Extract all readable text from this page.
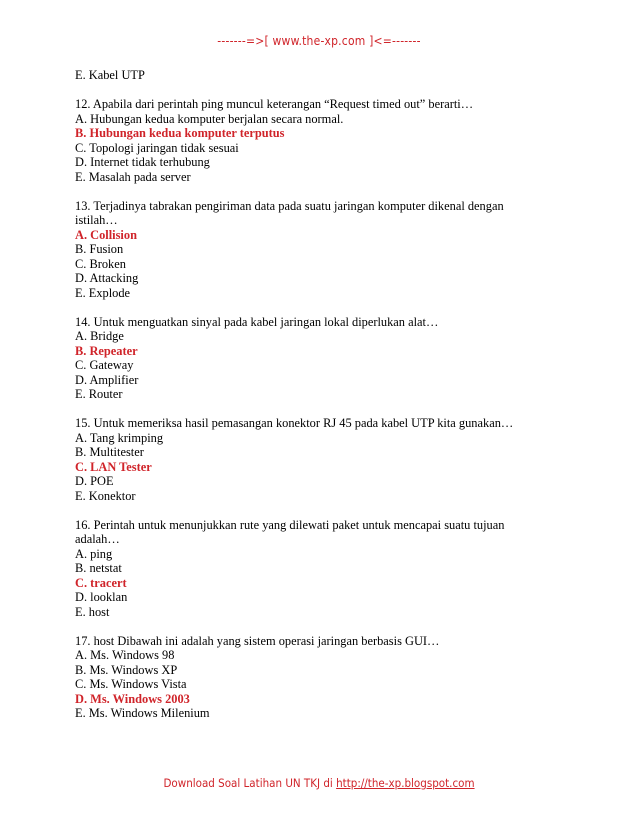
-------=>[ www.the-xp.com ]<=-------
E. Kabel UTP
12. Apabila dari perintah ping muncul keterangan “Request timed out” berarti…
A. Hubungan kedua komputer berjalan secara normal.
B. Hubungan kedua komputer terputus
C. Topologi jaringan tidak sesuai
D. Internet tidak terhubung
E. Masalah pada server
13. Terjadinya tabrakan pengiriman data pada suatu jaringan komputer dikenal dengan
istilah…
A. Collision
B. Fusion
C. Broken
D. Attacking
E. Explode
14. Untuk menguatkan sinyal pada kabel jaringan lokal diperlukan alat…
A. Bridge
B. Repeater
C. Gateway
D. Amplifier
E. Router
15. Untuk memeriksa hasil pemasangan konektor RJ 45 pada kabel UTP kita gunakan…
A. Tang krimping
B. Multitester
C. LAN Tester
D. POE
E. Konektor
16. Perintah untuk menunjukkan rute yang dilewati paket untuk mencapai suatu tujuan
adalah…
A. ping
B. netstat
C. tracert
D. looklan
E. host
17. host Dibawah ini adalah yang sistem operasi jaringan berbasis GUI…
A. Ms. Windows 98
B. Ms. Windows XP
C. Ms. Windows Vista
D. Ms. Windows 2003
E. Ms. Windows Milenium
Download Soal Latihan UN TKJ di http://the-xp.blogspot.com
